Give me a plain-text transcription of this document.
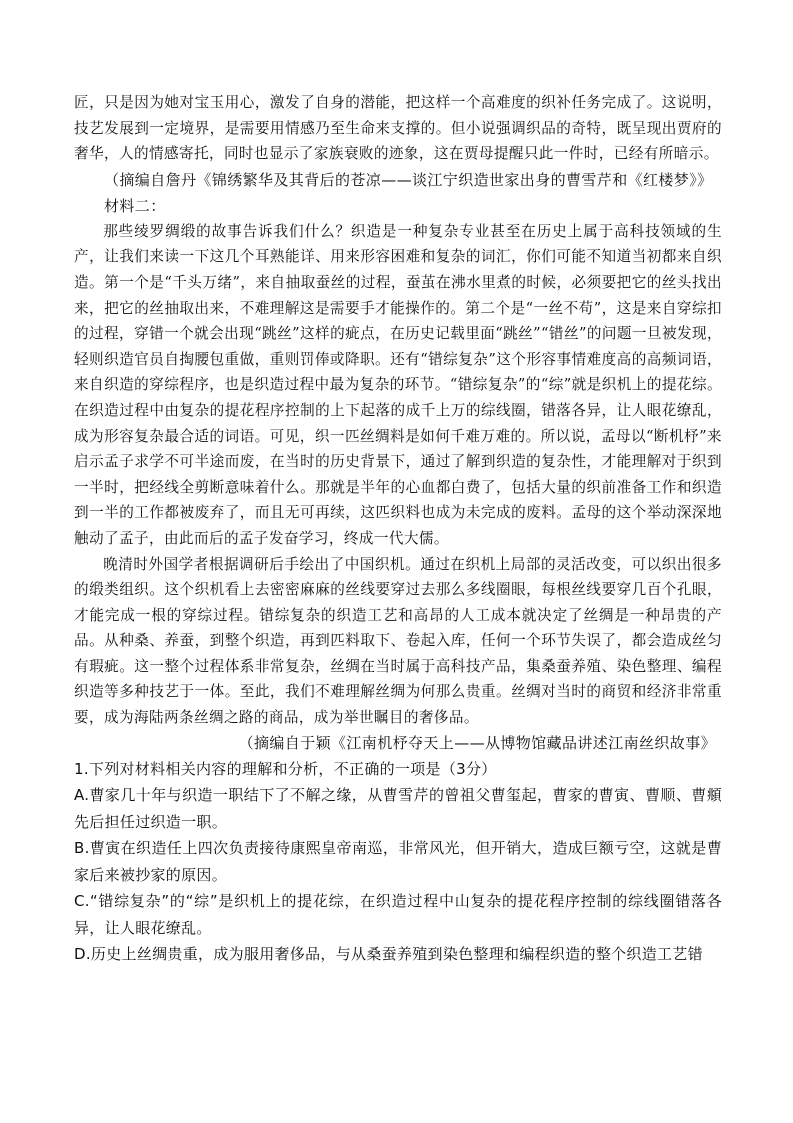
匠，只是因为她对宝玉用心，激发了自身的潜能，把这样一个高难度的织补任务完成了。这说明，技艺发展到一定境界，是需要用情感乃至生命来支撑的。但小说强调织品的奇特，既呈现出贾府的奢华，人的情感寄托，同时也显示了家族衰败的迹象，这在贾母提醒只此一件时，已经有所暗示。

（摘编自詹丹《锦绣繁华及其背后的苍凉——谈江宁织造世家出身的曹雪芹和《红楼梦》》

材料二：

那些绫罗绸缎的故事告诉我们什么？织造是一种复杂专业甚至在历史上属于高科技领域的生产，让我们来读一下这几个耳熟能详、用来形容困难和复杂的词汇，你们可能不知道当初都来自织造。第一个是“千头万绪”，来自抽取蚕丝的过程，蚕茧在沸水里煮的时候，必须要把它的丝头找出来，把它的丝抽取出来，不难理解这是需要手才能操作的。第二个是“一丝不苟”，这是来自穿综扣的过程，穿错一个就会出现“跳丝”这样的疵点，在历史记载里面“跳丝”“错丝”的问题一旦被发现，轻则织造官员自掏腰包重做，重则罚俸或降职。还有“错综复杂”这个形容事情难度高的高频词语，来自织造的穿综程序，也是织造过程中最为复杂的环节。“错综复杂”的“综”就是织机上的提花综。在织造过程中由复杂的提花程序控制的上下起落的成千上万的综线圈，错落各异，让人眼花缭乱，成为形容复杂最合适的词语。可见，织一匹丝绸料是如何千难万难的。所以说，孟母以“断机杼”来启示孟子求学不可半途而废，在当时的历史背景下，通过了解到织造的复杂性，才能理解对于织到一半时，把经线全剪断意味着什么。那就是半年的心血都白费了，包括大量的织前准备工作和织造到一半的工作都被废弃了，而且无可再续，这匹织料也成为未完成的废料。孟母的这个举动深深地触动了孟子，由此而后的孟子发奋学习，终成一代大儒。

晚清时外国学者根据调研后手绘出了中国织机。通过在织机上局部的灵活改变，可以织出很多的缎类组织。这个织机看上去密密麻麻的丝线要穿过去那么多线圈眼，每根丝线要穿几百个孔眼，才能完成一根的穿综过程。错综复杂的织造工艺和高昂的人工成本就决定了丝绸是一种昂贵的产品。从种桑、养蚕，到整个织造，再到匹料取下、卷起入库，任何一个环节失误了，都会造成丝匀有瑕疵。这一整个过程体系非常复杂，丝绸在当时属于高科技产品，集桑蚕养殖、染色整理、编程织造等多种技艺于一体。至此，我们不难理解丝绸为何那么贵重。丝绸对当时的商贸和经济非常重要，成为海陆两条丝绸之路的商品，成为举世瞩目的奢侈品。

（摘编自于颖《江南机杼夺天上——从博物馆藏品讲述江南丝织故事》

1.下列对材料相关内容的理解和分析，不正确的一项是（3分）

A.曹家几十年与织造一职结下了不解之缘，从曹雪芹的曾祖父曹玺起，曹家的曹寅、曹顺、曹頫先后担任过织造一职。

B.曹寅在织造任上四次负责接待康熙皇帝南巡，非常风光，但开销大，造成巨额亏空，这就是曹家后来被抄家的原因。

C.“错综复杂”的“综”是织机上的提花综，在织造过程中山复杂的提花程序控制的综线圈错落各异，让人眼花缭乱。

D.历史上丝绸贵重，成为服用奢侈品，与从桑蚕养殖到染色整理和编程织造的整个织造工艺错
